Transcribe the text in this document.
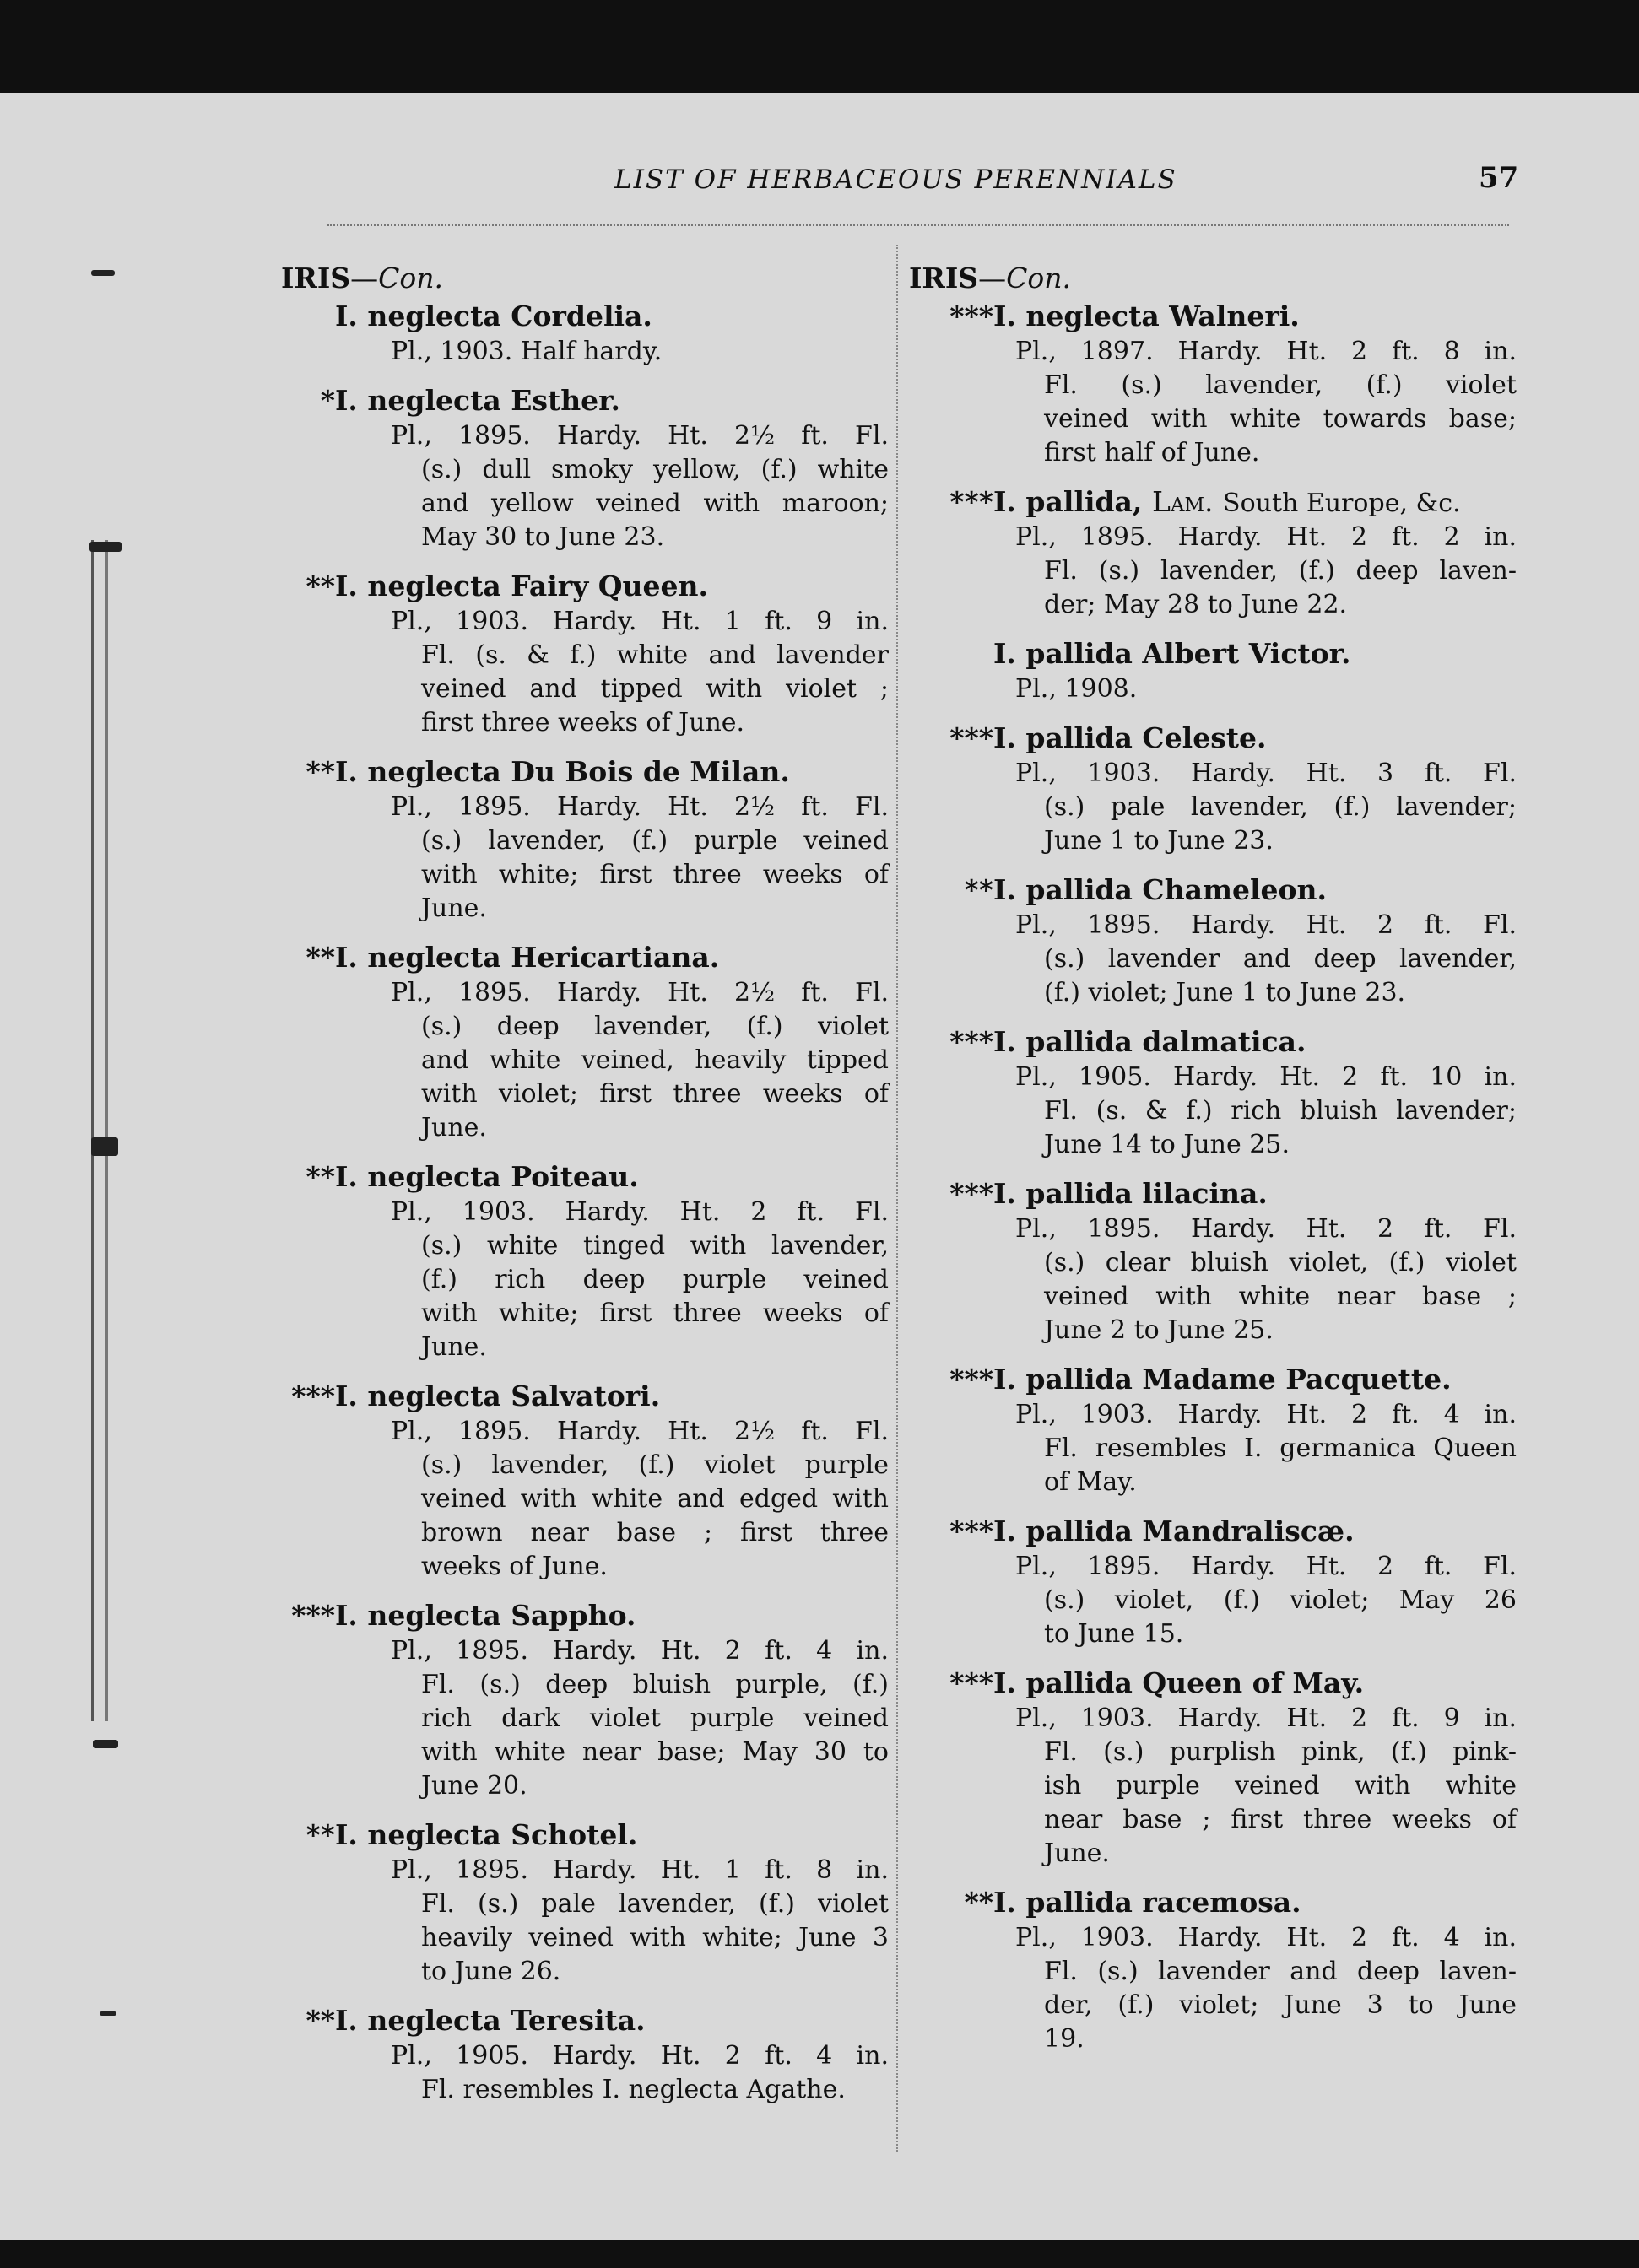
LIST OF HERBACEOUS PERENNIALS	57
IRIS—Con.
I. neglecta Cordelia.
Pl., 1903. Half hardy.
* I. neglecta Esther.
Pl., 1895. Hardy. Ht. 2½ ft. Fl.
(s.) dull smoky yellow, (f.) white
and yellow veined with maroon;
May 30 to June 23.
** I. neglecta Fairy Queen.
Pl., 1903. Hardy. Ht. 1 ft. 9 in.
Fl. (s. & f.) white and lavender
veined and tipped with violet ;
first three weeks of June.
** I. neglecta Du Bois de Milan.
Pl., 1895. Hardy. Ht. 2½ ft. Fl.
(s.) lavender, (f.) purple veined
with white; first three weeks of
June.
** I. neglecta Hericartiana.
Pl., 1895. Hardy. Ht. 2½ ft. Fl.
(s.) deep lavender, (f.) violet
and white veined, heavily tipped
with violet; first three weeks of
June.
** I. neglecta Poiteau.
Pl., 1903. Hardy. Ht. 2 ft. Fl.
(s.) white tinged with lavender,
(f.) rich deep purple veined
with white; first three weeks of
June.
*** I. neglecta Salvatori.
Pl., 1895. Hardy. Ht. 2½ ft. Fl.
(s.) lavender, (f.) violet purple
veined with white and edged with
brown near base ; first three
weeks of June.
*** I. neglecta Sappho.
Pl., 1895. Hardy. Ht. 2 ft. 4 in.
Fl. (s.) deep bluish purple, (f.)
rich dark violet purple veined
with white near base; May 30 to
June 20.
** I. neglecta Schotel.
Pl., 1895. Hardy. Ht. 1 ft. 8 in.
Fl. (s.) pale lavender, (f.) violet
heavily veined with white; June 3
to June 26.
** I. neglecta Teresita.
Pl., 1905. Hardy. Ht. 2 ft. 4 in.
Fl. resembles I. neglecta Agathe.
IRIS—Con.
*** I. neglecta Walneri.
Pl., 1897. Hardy. Ht. 2 ft. 8 in.
Fl. (s.) lavender, (f.) violet
veined with white towards base;
first half of June.
*** I. pallida, Lam. South Europe, &c.
Pl., 1895. Hardy. Ht. 2 ft. 2 in.
Fl. (s.) lavender, (f.) deep laven-
der; May 28 to June 22.
I. pallida Albert Victor.
Pl., 1908.
*** I. pallida Celeste.
Pl., 1903. Hardy. Ht. 3 ft. Fl.
(s.) pale lavender, (f.) lavender;
June 1 to June 23.
** I. pallida Chameleon.
Pl., 1895. Hardy. Ht. 2 ft. Fl.
(s.) lavender and deep lavender,
(f.) violet; June 1 to June 23.
*** I. pallida dalmatica.
Pl., 1905. Hardy. Ht. 2 ft. 10 in.
Fl. (s. & f.) rich bluish lavender;
June 14 to June 25.
*** I. pallida lilacina.
Pl., 1895. Hardy. Ht. 2 ft. Fl.
(s.) clear bluish violet, (f.) violet
veined with white near base ;
June 2 to June 25.
*** I. pallida Madame Pacquette.
Pl., 1903. Hardy. Ht. 2 ft. 4 in.
Fl. resembles I. germanica Queen
of May.
*** I. pallida Mandraliscæ.
Pl., 1895. Hardy. Ht. 2 ft. Fl.
(s.) violet, (f.) violet; May 26
to June 15.
*** I. pallida Queen of May.
Pl., 1903. Hardy. Ht. 2 ft. 9 in.
Fl. (s.) purplish pink, (f.) pink-
ish purple veined with white
near base ; first three weeks of
June.
** I. pallida racemosa.
Pl., 1903. Hardy. Ht. 2 ft. 4 in.
Fl. (s.) lavender and deep laven-
der, (f.) violet; June 3 to June
19.
